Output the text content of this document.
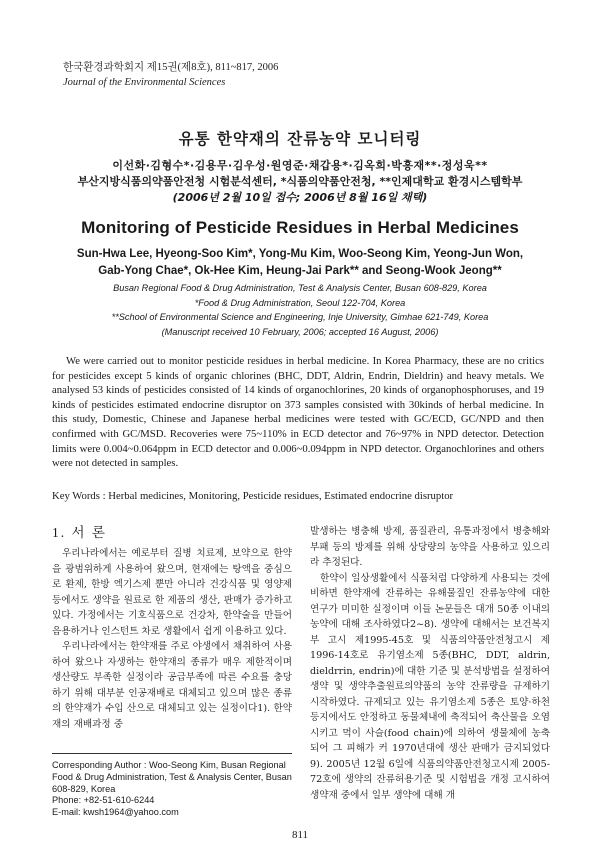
한국환경과학회지 제15권(제8호), 811~817, 2006
Journal of the Environmental Sciences
유통 한약재의 잔류농약 모니터링
이선화·김형수*·김용무·김우성·원영준·채갑용*·김옥희·박흥재**·정성욱**
부산지방식품의약품안전청 시험분석센터, *식품의약품안전청, **인제대학교 환경시스템학부
(2006년 2월 10일 접수; 2006년 8월 16일 채택)
Monitoring of Pesticide Residues in Herbal Medicines
Sun-Hwa Lee, Hyeong-Soo Kim*, Yong-Mu Kim, Woo-Seong Kim, Yeong-Jun Won,
Gab-Yong Chae*, Ok-Hee Kim, Heung-Jai Park** and Seong-Wook Jeong**
Busan Regional Food & Drug Administration, Test & Analysis Center, Busan 608-829, Korea
*Food & Drug Administration, Seoul 122-704, Korea
**School of Environmental Science and Engineering, Inje University, Gimhae 621-749, Korea
(Manuscript received 10 February, 2006; accepted 16 August, 2006)

We were carried out to monitor pesticide residues in herbal medicine. In Korea Pharmacy, these are no critics for pesticides except 5 kinds of organic chlorines (BHC, DDT, Aldrin, Endrin, Dieldrin) and heavy metals. We analysed 53 kinds of pesticides consisted of 14 kinds of organochlorines, 20 kinds of organophosphoruses, and 19 kinds of pesticides estimated endocrine disruptor on 373 samples consisted with 30kinds of herbal medicine. In this study, Domestic, Chinese and Japanese herbal medicines were tested with GC/ECD, GC/NPD and then confirmed with GC/MSD. Recoveries were 75~110% in ECD detector and 76~97% in NPD detector. Detection limits were 0.004~0.064ppm in ECD detector and 0.006~0.094ppm in NPD detector. Organochlorines and others were not detected in samples.

Key Words : Herbal medicines, Monitoring, Pesticide residues, Estimated endocrine disruptor
1. 서 론

우리나라에서는 예로부터 질병 치료제, 보약으로 한약을 광범위하게 사용하여 왔으며, 현재에는 탕액을 중심으로 환제, 한방 엑기스제 뿐만 아니라 건강식품 및 영양제 등에서도 생약을 원료로 한 제품의 생산, 판매가 증가하고 있다. 가정에서는 기호식품으로 건강차, 한약술을 만들어 음용하거나 인스턴트 차로 생활에서 쉽게 이용하고 있다.

우리나라에서는 한약재를 주로 야생에서 채취하여 사용하여 왔으나 자생하는 한약재의 종류가 매우 제한적이며 생산량도 부족한 실정이라 공급부족에 따른 수요를 충당하기 위해 대부분 인공재배로 대체되고 있으며 많은 종류의 한약재가 수입 산으로 대체되고 있는 실정이다1). 한약재의 재배과정 중

발생하는 병충해 방제, 품질관리, 유통과정에서 병충해와 부패 등의 방제를 위해 상당량의 농약을 사용하고 있으리라 추정된다.

한약이 일상생활에서 식품처럼 다양하게 사용되는 것에 비하면 한약재에 잔류하는 유해물질인 잔류농약에 대한 연구가 미미한 실정이며 이들 논문들은 대개 50종 이내의 농약에 대해 조사하였다2~8). 생약에 대해서는 보건복지부 고시 제1995-45호 및 식품의약품안전청고시 제1996-14호로 유기염소제 5종(BHC, DDT, aldrin, dieldrrin, endrin)에 대한 기준 및 분석방법을 설정하여 생약 및 생약추출원료의약품의 농약 잔류량을 규제하기 시작하였다. 규제되고 있는 유기염소제 5종은 토양·하천 등지에서도 안정하고 동물체내에 축적되어 축산물을 오염시키고 먹이 사슬(food chain)에 의하여 생물체에 농축되어 그 피해가 커 1970년대에 생산 판매가 금지되었다9). 2005년 12월 6일에 식품의약품안전청고시제 2005-72호에 생약의 잔류허용기준 및 시험법을 개정 고시하여 생약재 중에서 일부 생약에 대해 개

Corresponding Author : Woo-Seong Kim, Busan Regional
Food & Drug Administration, Test & Analysis Center, Busan
608-829, Korea
Phone: +82-51-610-6244
E-mail: kwsh1964@yahoo.com
811
